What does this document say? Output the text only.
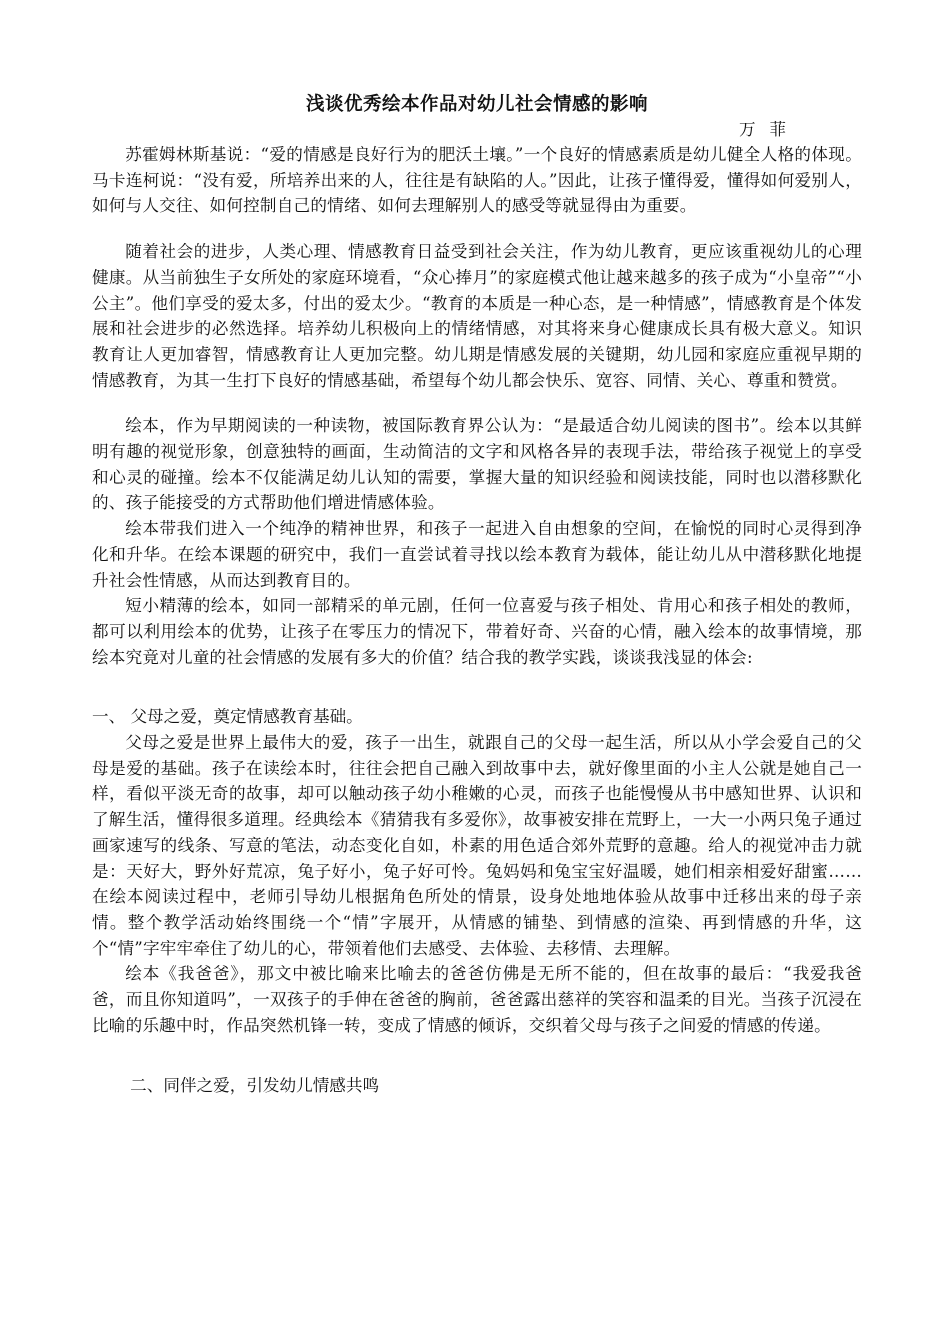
浅谈优秀绘本作品对幼儿社会情感的影响

万菲

苏霍姆林斯基说：“爱的情感是良好行为的肥沃土壤。”一个良好的情感素质是幼儿健全人格的体现。马卡连柯说：“没有爱，所培养出来的人，往往是有缺陷的人。”因此，让孩子懂得爱，懂得如何爱别人，如何与人交往、如何控制自己的情绪、如何去理解别人的感受等就显得由为重要。

随着社会的进步，人类心理、情感教育日益受到社会关注，作为幼儿教育，更应该重视幼儿的心理健康。从当前独生子女所处的家庭环境看，“众心捧月”的家庭模式他让越来越多的孩子成为“小皇帝”“小公主”。他们享受的爱太多，付出的爱太少。“教育的本质是一种心态，是一种情感”，情感教育是个体发展和社会进步的必然选择。培养幼儿积极向上的情绪情感，对其将来身心健康成长具有极大意义。知识教育让人更加睿智，情感教育让人更加完整。幼儿期是情感发展的关键期，幼儿园和家庭应重视早期的情感教育，为其一生打下良好的情感基础，希望每个幼儿都会快乐、宽容、同情、关心、尊重和赞赏。

绘本，作为早期阅读的一种读物，被国际教育界公认为：“是最适合幼儿阅读的图书”。绘本以其鲜明有趣的视觉形象，创意独特的画面，生动简洁的文字和风格各异的表现手法，带给孩子视觉上的享受和心灵的碰撞。绘本不仅能满足幼儿认知的需要，掌握大量的知识经验和阅读技能，同时也以潜移默化的、孩子能接受的方式帮助他们增进情感体验。

绘本带我们进入一个纯净的精神世界，和孩子一起进入自由想象的空间，在愉悦的同时心灵得到净化和升华。在绘本课题的研究中，我们一直尝试着寻找以绘本教育为载体，能让幼儿从中潜移默化地提升社会性情感，从而达到教育目的。

短小精薄的绘本，如同一部精采的单元剧，任何一位喜爱与孩子相处、肯用心和孩子相处的教师，都可以利用绘本的优势，让孩子在零压力的情况下，带着好奇、兴奋的心情，融入绘本的故事情境，那绘本究竟对儿童的社会情感的发展有多大的价值？结合我的教学实践，谈谈我浅显的体会:

一、 父母之爱，奠定情感教育基础。

父母之爱是世界上最伟大的爱，孩子一出生，就跟自己的父母一起生活，所以从小学会爱自己的父母是爱的基础。孩子在读绘本时，往往会把自己融入到故事中去，就好像里面的小主人公就是她自己一样，看似平淡无奇的故事，却可以触动孩子幼小稚嫩的心灵，而孩子也能慢慢从书中感知世界、认识和了解生活，懂得很多道理。经典绘本《猜猜我有多爱你》，故事被安排在荒野上，一大一小两只兔子通过画家速写的线条、写意的笔法，动态变化自如，朴素的用色适合郊外荒野的意趣。给人的视觉冲击力就是：天好大，野外好荒凉，兔子好小，兔子好可怜。兔妈妈和兔宝宝好温暖，她们相亲相爱好甜蜜……在绘本阅读过程中，老师引导幼儿根据角色所处的情景，设身处地地体验从故事中迁移出来的母子亲情。整个教学活动始终围绕一个“情”字展开，从情感的铺垫、到情感的渲染、再到情感的升华，这个“情”字牢牢牵住了幼儿的心，带领着他们去感受、去体验、去移情、去理解。

绘本《我爸爸》，那文中被比喻来比喻去的爸爸仿佛是无所不能的，但在故事的最后：“我爱我爸爸，而且你知道吗”，一双孩子的手伸在爸爸的胸前，爸爸露出慈祥的笑容和温柔的目光。当孩子沉浸在比喻的乐趣中时，作品突然机锋一转，变成了情感的倾诉，交织着父母与孩子之间爱的情感的传递。

二、同伴之爱，引发幼儿情感共鸣
